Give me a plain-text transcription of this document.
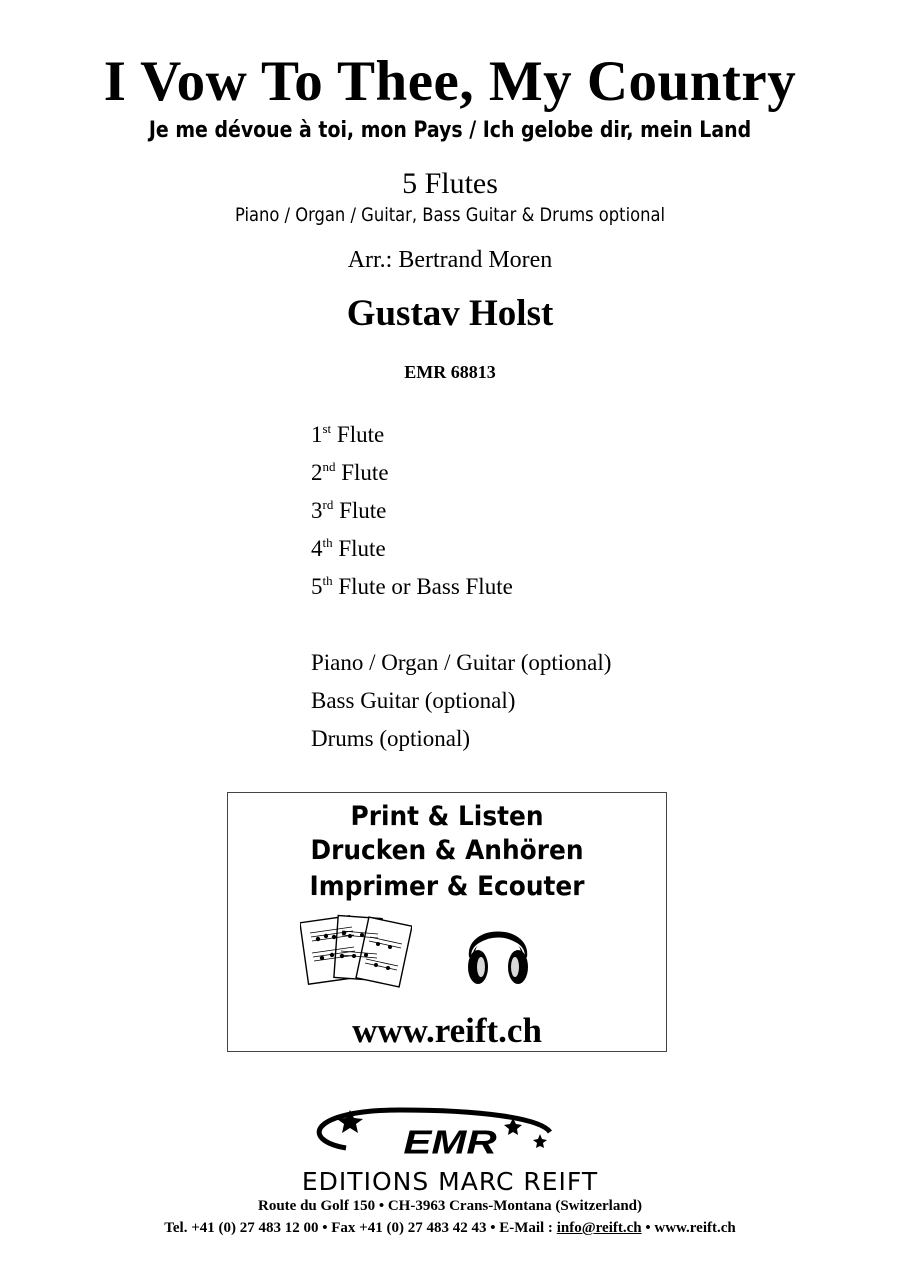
I Vow To Thee, My Country
Je me dévoue à toi, mon Pays / Ich gelobe dir, mein Land
5 Flutes
Piano / Organ / Guitar, Bass Guitar & Drums optional
Arr.: Bertrand Moren
Gustav Holst
EMR 68813
1st Flute
2nd Flute
3rd Flute
4th Flute
5th Flute or Bass Flute
Piano / Organ / Guitar (optional)
Bass Guitar (optional)
Drums (optional)
Print & Listen
Drucken & Anhören
Imprimer & Ecouter
www.reift.ch
EMR
EDITIONS MARC REIFT
Route du Golf 150 • CH-3963 Crans-Montana (Switzerland)
Tel. +41 (0) 27 483 12 00 • Fax +41 (0) 27 483 42 43 • E-Mail : info@reift.ch • www.reift.ch
